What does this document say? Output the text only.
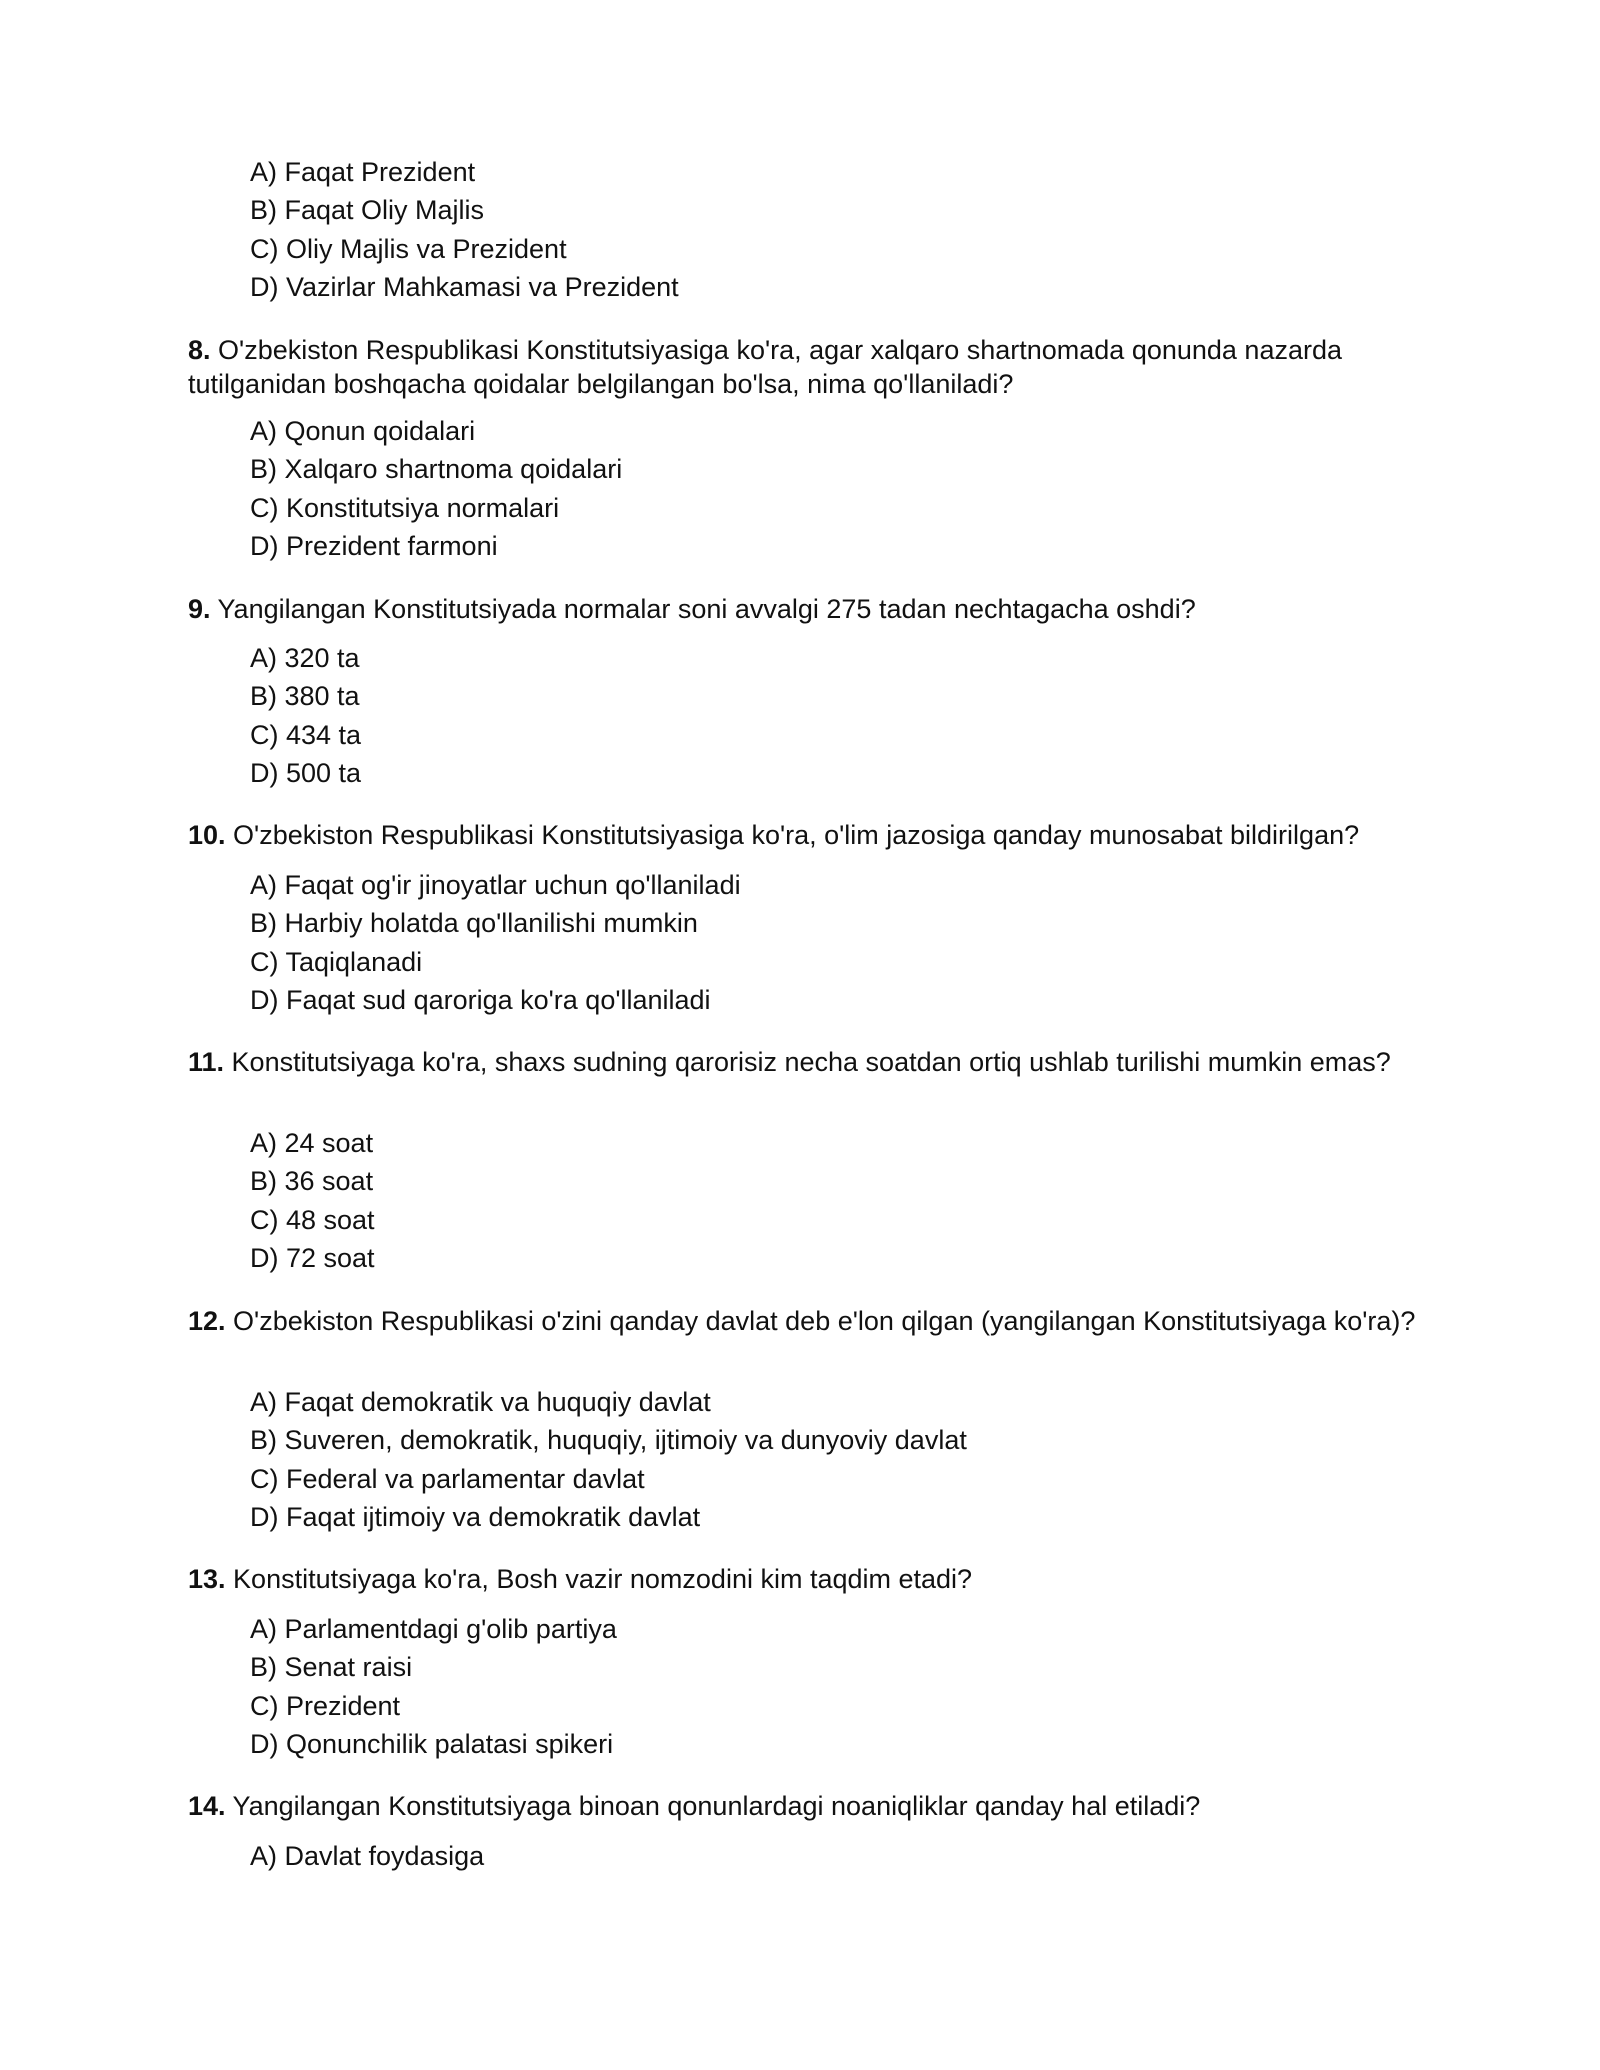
A) Faqat Prezident
B) Faqat Oliy Majlis
C) Oliy Majlis va Prezident
D) Vazirlar Mahkamasi va Prezident

8. O'zbekiston Respublikasi Konstitutsiyasiga ko'ra, agar xalqaro shartnomada qonunda nazarda tutilganidan boshqacha qoidalar belgilangan bo'lsa, nima qo'llaniladi?

A) Qonun qoidalari
B) Xalqaro shartnoma qoidalari
C) Konstitutsiya normalari
D) Prezident farmoni

9. Yangilangan Konstitutsiyada normalar soni avvalgi 275 tadan nechtagacha oshdi?

A) 320 ta
B) 380 ta
C) 434 ta
D) 500 ta

10. O'zbekiston Respublikasi Konstitutsiyasiga ko'ra, o'lim jazosiga qanday munosabat bildirilgan?

A) Faqat og'ir jinoyatlar uchun qo'llaniladi
B) Harbiy holatda qo'llanilishi mumkin
C) Taqiqlanadi
D) Faqat sud qaroriga ko'ra qo'llaniladi

11. Konstitutsiyaga ko'ra, shaxs sudning qarorisiz necha soatdan ortiq ushlab turilishi mumkin emas?

A) 24 soat
B) 36 soat
C) 48 soat
D) 72 soat

12. O'zbekiston Respublikasi o'zini qanday davlat deb e'lon qilgan (yangilangan Konstitutsiyaga ko'ra)?

A) Faqat demokratik va huquqiy davlat
B) Suveren, demokratik, huquqiy, ijtimoiy va dunyoviy davlat
C) Federal va parlamentar davlat
D) Faqat ijtimoiy va demokratik davlat

13. Konstitutsiyaga ko'ra, Bosh vazir nomzodini kim taqdim etadi?

A) Parlamentdagi g'olib partiya
B) Senat raisi
C) Prezident
D) Qonunchilik palatasi spikeri

14. Yangilangan Konstitutsiyaga binoan qonunlardagi noaniqliklar qanday hal etiladi?

A) Davlat foydasiga
